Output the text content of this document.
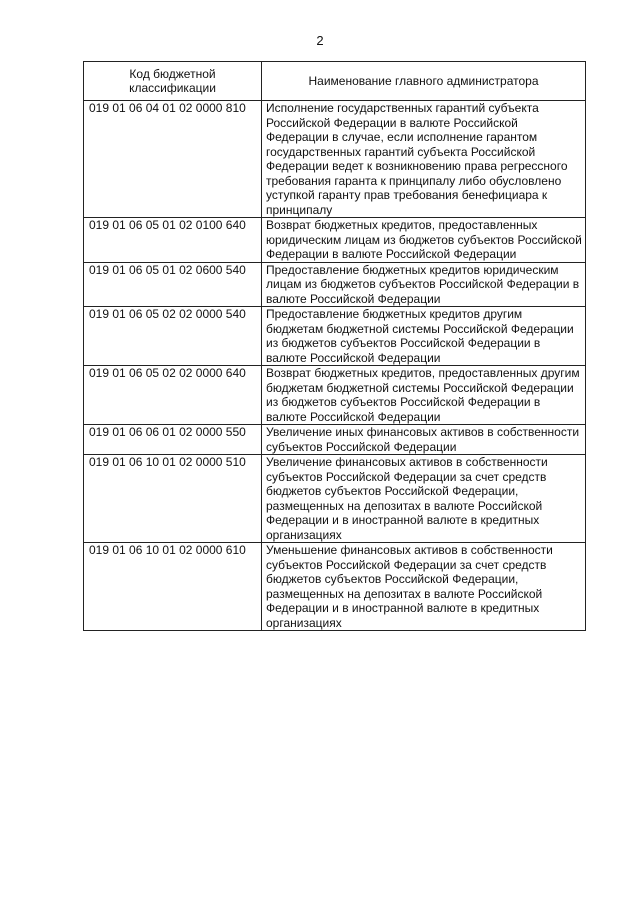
2
Код бюджетной классификации	Наименование главного администратора
019 01 06 04 01 02 0000 810	Исполнение государственных гарантий субъекта Российской Федерации в валюте Российской Федерации в случае, если исполнение гарантом государственных гарантий субъекта Российской Федерации ведет к возникновению права регрессного требования гаранта к принципалу либо обусловлено уступкой гаранту прав требования бенефициара к принципалу
019 01 06 05 01 02 0100 640	Возврат бюджетных кредитов, предоставленных юридическим лицам из бюджетов субъектов Российской Федерации в валюте Российской Федерации
019 01 06 05 01 02 0600 540	Предоставление бюджетных кредитов юридическим лицам из бюджетов субъектов Российской Федерации в валюте Российской Федерации
019 01 06 05 02 02 0000 540	Предоставление бюджетных кредитов другим бюджетам бюджетной системы Российской Федерации из бюджетов субъектов Российской Федерации в валюте Российской Федерации
019 01 06 05 02 02 0000 640	Возврат бюджетных кредитов, предоставленных другим бюджетам бюджетной системы Российской Федерации из бюджетов субъектов Российской Федерации в валюте Российской Федерации
019 01 06 06 01 02 0000 550	Увеличение иных финансовых активов в собственности субъектов Российской Федерации
019 01 06 10 01 02 0000 510	Увеличение финансовых активов в собственности субъектов Российской Федерации за счет средств бюджетов субъектов Российской Федерации, размещенных на депозитах в валюте Российской Федерации и в иностранной валюте в кредитных организациях
019 01 06 10 01 02 0000 610	Уменьшение финансовых активов в собственности субъектов Российской Федерации за счет средств бюджетов субъектов Российской Федерации, размещенных на депозитах в валюте Российской Федерации и в иностранной валюте в кредитных организациях
